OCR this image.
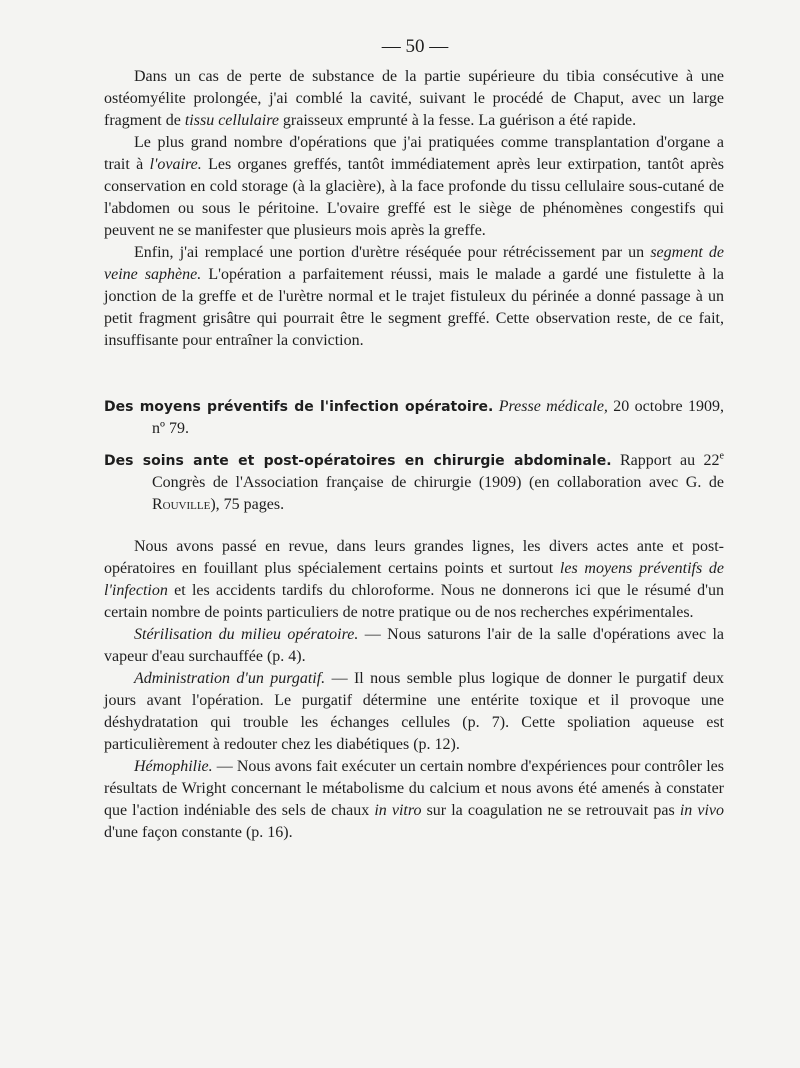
— 50 —

Dans un cas de perte de substance de la partie supérieure du tibia consécutive à une ostéomyélite prolongée, j'ai comblé la cavité, suivant le procédé de Chaput, avec un large fragment de tissu cellulaire graisseux emprunté à la fesse. La guérison a été rapide.

Le plus grand nombre d'opérations que j'ai pratiquées comme transplantation d'organe a trait à l'ovaire. Les organes greffés, tantôt immédiatement après leur extirpation, tantôt après conservation en cold storage (à la glacière), à la face profonde du tissu cellulaire sous-cutané de l'abdomen ou sous le péritoine. L'ovaire greffé est le siège de phénomènes congestifs qui peuvent ne se manifester que plusieurs mois après la greffe.

Enfin, j'ai remplacé une portion d'urètre réséquée pour rétrécissement par un segment de veine saphène. L'opération a parfaitement réussi, mais le malade a gardé une fistulette à la jonction de la greffe et de l'urètre normal et le trajet fistuleux du périnée a donné passage à un petit fragment grisâtre qui pourrait être le segment greffé. Cette observation reste, de ce fait, insuffisante pour entraîner la conviction.

Des moyens préventifs de l'infection opératoire. Presse médicale, 20 octobre 1909, nº 79.

Des soins ante et post-opératoires en chirurgie abdominale. Rapport au 22e Congrès de l'Association française de chirurgie (1909) (en collaboration avec G. de Rouville), 75 pages.

Nous avons passé en revue, dans leurs grandes lignes, les divers actes ante et post-opératoires en fouillant plus spécialement certains points et surtout les moyens préventifs de l'infection et les accidents tardifs du chloroforme. Nous ne donnerons ici que le résumé d'un certain nombre de points particuliers de notre pratique ou de nos recherches expérimentales.

Stérilisation du milieu opératoire. — Nous saturons l'air de la salle d'opérations avec la vapeur d'eau surchauffée (p. 4).

Administration d'un purgatif. — Il nous semble plus logique de donner le purgatif deux jours avant l'opération. Le purgatif détermine une entérite toxique et il provoque une déshydratation qui trouble les échanges cellules (p. 7). Cette spoliation aqueuse est particulièrement à redouter chez les diabétiques (p. 12).

Hémophilie. — Nous avons fait exécuter un certain nombre d'expériences pour contrôler les résultats de Wright concernant le métabolisme du calcium et nous avons été amenés à constater que l'action indéniable des sels de chaux in vitro sur la coagulation ne se retrouvait pas in vivo d'une façon constante (p. 16).
